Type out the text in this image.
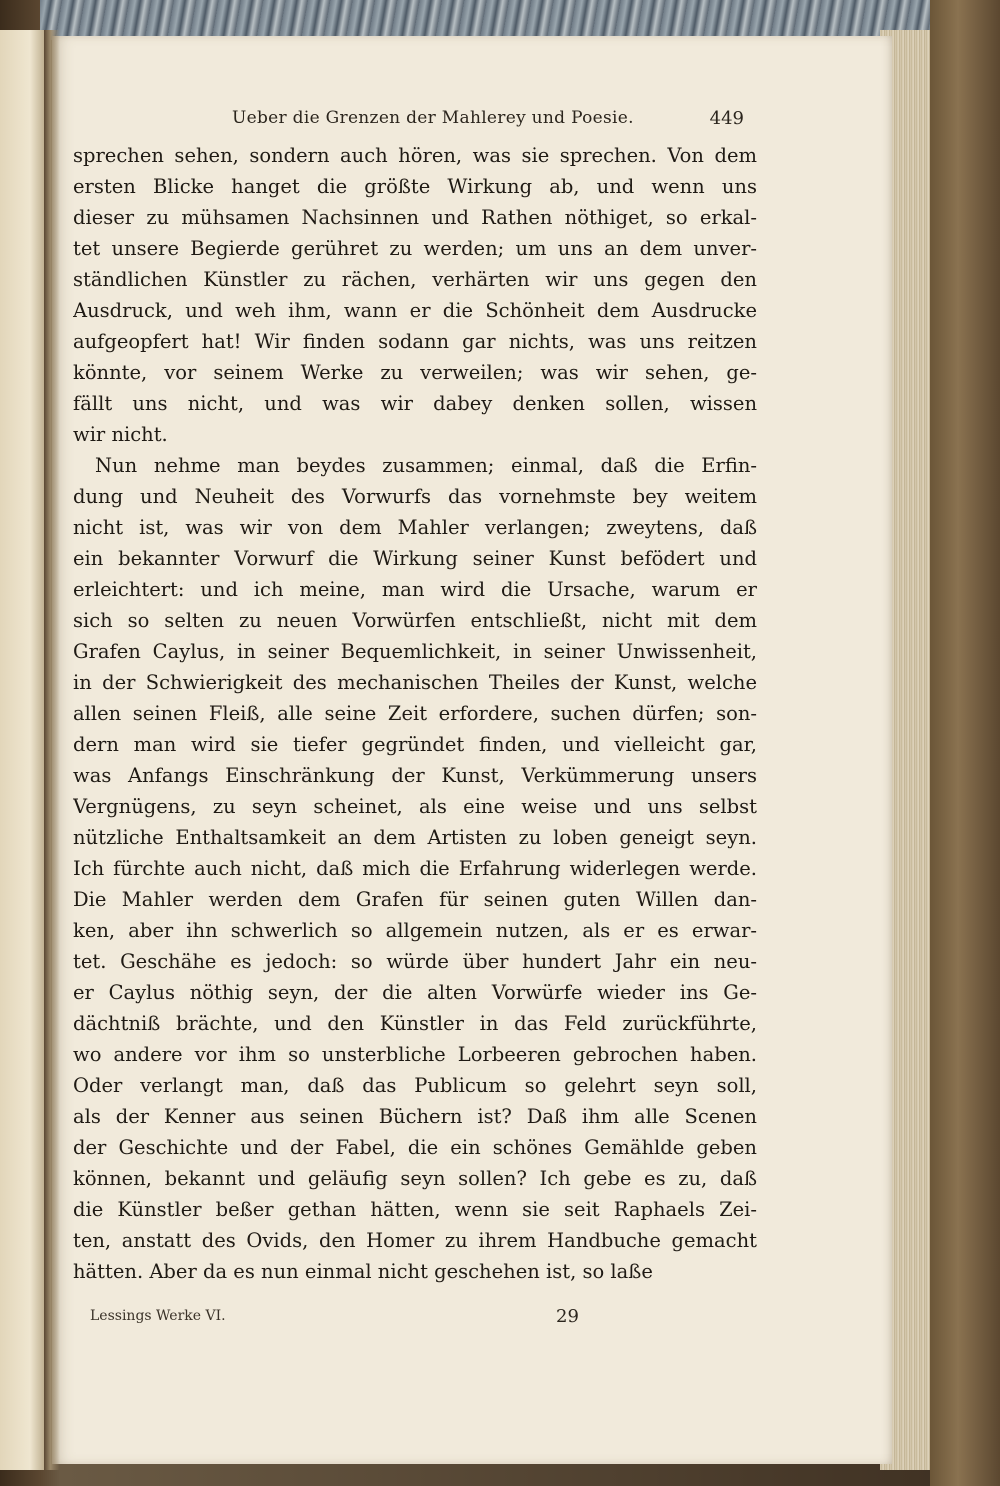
Ueber die Grenzen der Mahlerey und Poesie.	449
sprechen sehen, sondern auch hören, was sie sprechen. Von dem
ersten Blicke hanget die größte Wirkung ab, und wenn uns
dieser zu mühsamen Nachsinnen und Rathen nöthiget, so erkal-
tet unsere Begierde gerühret zu werden; um uns an dem unver-
ständlichen Künstler zu rächen, verhärten wir uns gegen den
Ausdruck, und weh ihm, wann er die Schönheit dem Ausdrucke
aufgeopfert hat! Wir finden sodann gar nichts, was uns reitzen
könnte, vor seinem Werke zu verweilen; was wir sehen, ge-
fällt uns nicht, und was wir dabey denken sollen, wissen
wir nicht.
Nun nehme man beydes zusammen; einmal, daß die Erfin-
dung und Neuheit des Vorwurfs das vornehmste bey weitem
nicht ist, was wir von dem Mahler verlangen; zweytens, daß
ein bekannter Vorwurf die Wirkung seiner Kunst befödert und
erleichtert: und ich meine, man wird die Ursache, warum er
sich so selten zu neuen Vorwürfen entschließt, nicht mit dem
Grafen Caylus, in seiner Bequemlichkeit, in seiner Unwissenheit,
in der Schwierigkeit des mechanischen Theiles der Kunst, welche
allen seinen Fleiß, alle seine Zeit erfordere, suchen dürfen; son-
dern man wird sie tiefer gegründet finden, und vielleicht gar,
was Anfangs Einschränkung der Kunst, Verkümmerung unsers
Vergnügens, zu seyn scheinet, als eine weise und uns selbst
nützliche Enthaltsamkeit an dem Artisten zu loben geneigt seyn.
Ich fürchte auch nicht, daß mich die Erfahrung widerlegen werde.
Die Mahler werden dem Grafen für seinen guten Willen dan-
ken, aber ihn schwerlich so allgemein nutzen, als er es erwar-
tet. Geschähe es jedoch: so würde über hundert Jahr ein neu-
er Caylus nöthig seyn, der die alten Vorwürfe wieder ins Ge-
dächtniß brächte, und den Künstler in das Feld zurückführte,
wo andere vor ihm so unsterbliche Lorbeeren gebrochen haben.
Oder verlangt man, daß das Publicum so gelehrt seyn soll,
als der Kenner aus seinen Büchern ist? Daß ihm alle Scenen
der Geschichte und der Fabel, die ein schönes Gemählde geben
können, bekannt und geläufig seyn sollen? Ich gebe es zu, daß
die Künstler beßer gethan hätten, wenn sie seit Raphaels Zei-
ten, anstatt des Ovids, den Homer zu ihrem Handbuche gemacht
hätten. Aber da es nun einmal nicht geschehen ist, so laße
Lessings Werke VI.	29
